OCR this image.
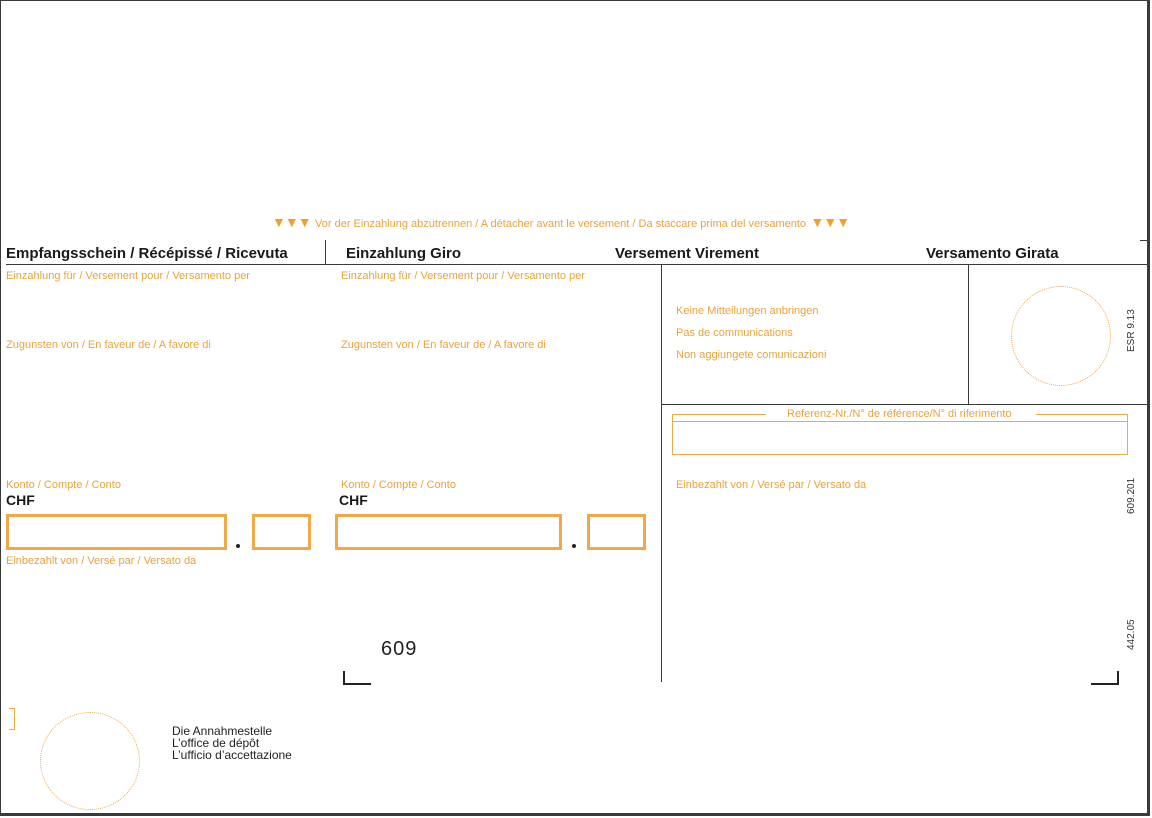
▼▼▼ Vor der Einzahlung abzutrennen / A détacher avant le versement / Da staccare prima del versamento ▼▼▼
Empfangsschein / Récépissé / Ricevuta	Einzahlung Giro	Versement Virement	Versamento Girata
Einzahlung für / Versement pour / Versamento per
Zugunsten von / En faveur de / A favore di
Konto / Compte / Conto
CHF
Einbezahlt von / Versé par / Versato da
Einzahlung für / Versement pour / Versamento per
Zugunsten von / En faveur de / A favore di
Konto / Compte / Conto
CHF
609
Keine Mitteilungen anbringen
Pas de communications
Non aggiungete comunicazioni
ESR 9.13
609.201
442.05
Referenz-Nr./N° de référence/N° di riferimento
Einbezahlt von / Versé par / Versato da
Die Annahmestelle
L’office de dépôt
L’ufficio d’accettazione
